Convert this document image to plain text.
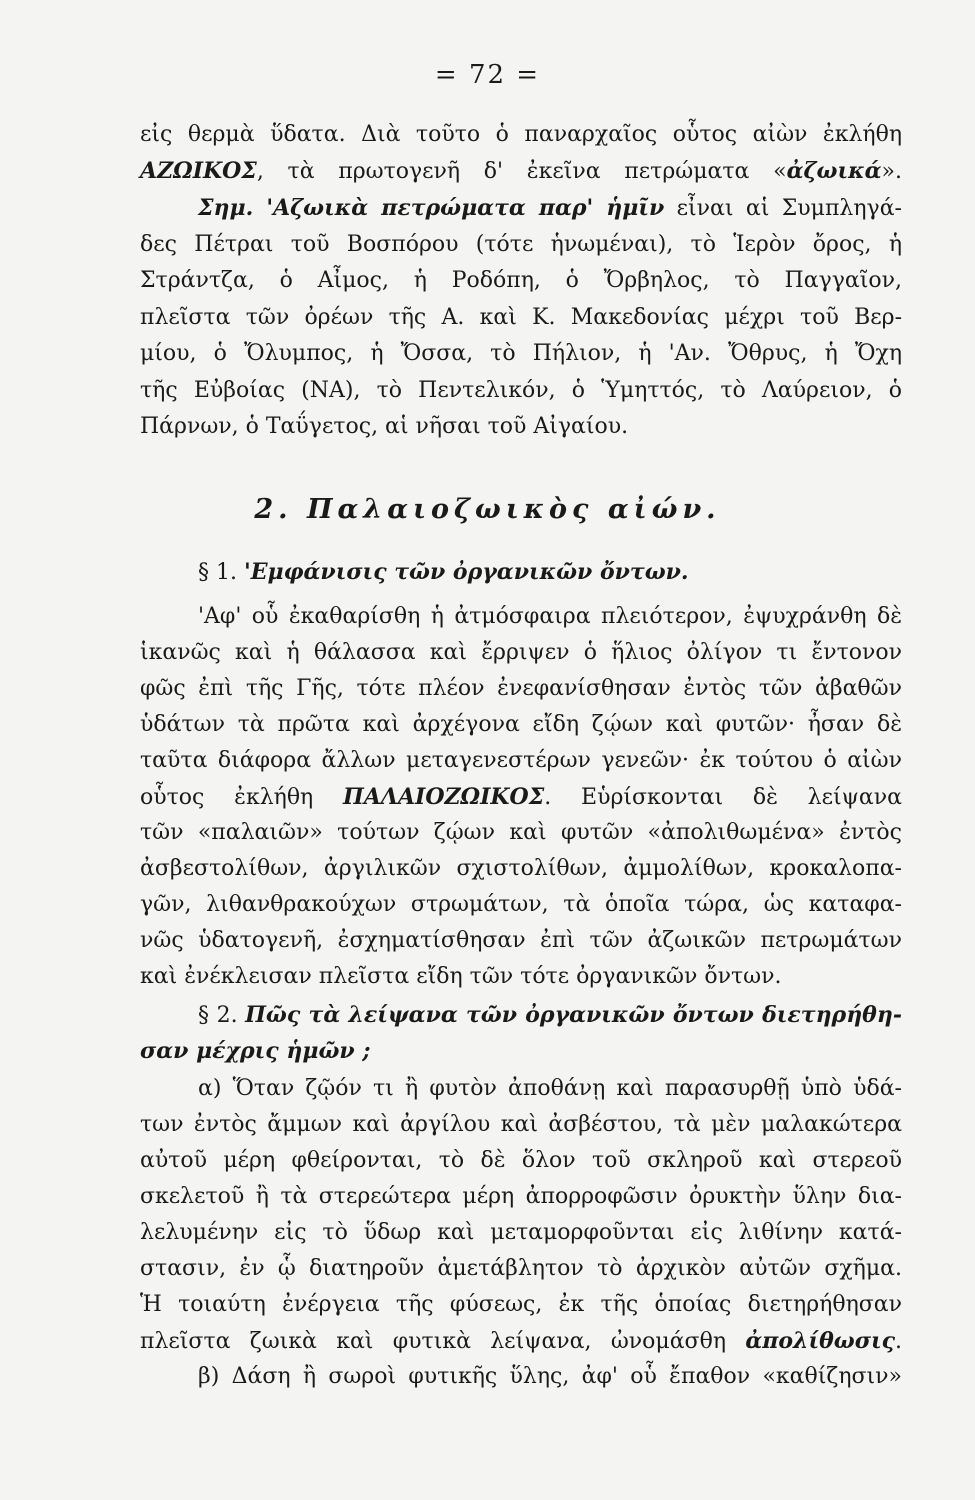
= 72 =
εἰς θερμὰ ὕδατα. Διὰ τοῦτο ὁ παναρχαῖος οὗτος αἰὼν ἐκλήθη
ΑΖΩΙΚΟΣ, τὰ πρωτογενῆ δ' ἐκεῖνα πετρώματα «ἀζωικά».
Σημ. 'Αζωικὰ πετρώματα παρ' ἡμῖν εἶναι αἱ Συμπληγά-
δες Πέτραι τοῦ Βοσπόρου (τότε ἡνωμέναι), τὸ Ἱερὸν ὄρος, ἡ
Στράντζα, ὁ Αἶμος, ἡ Ροδόπη, ὁ Ὄρβηλος, τὸ Παγγαῖον,
πλεῖστα τῶν ὀρέων τῆς Α. καὶ Κ. Μακεδονίας μέχρι τοῦ Βερ-
μίου, ὁ Ὄλυμπος, ἡ Ὄσσα, τὸ Πήλιον, ἡ 'Αν. Ὄθρυς, ἡ Ὄχη
τῆς Εὐβοίας (ΝΑ), τὸ Πεντελικόν, ὁ Ὑμηττός, τὸ Λαύρειον, ὁ
Πάρνων, ὁ Ταΰγετος, αἱ νῆσαι τοῦ Αἰγαίου.
2. Παλαιοζωικὸς αἰών.
§ 1. 'Εμφάνισις τῶν ὀργανικῶν ὄντων.
'Αφ' οὗ ἐκαθαρίσθη ἡ ἀτμόσφαιρα πλειότερον, ἐψυχράνθη δὲ
ἱκανῶς καὶ ἡ θάλασσα καὶ ἔρριψεν ὁ ἥλιος ὀλίγον τι ἔντονον
φῶς ἐπὶ τῆς Γῆς, τότε πλέον ἐνεφανίσθησαν ἐντὸς τῶν ἀβαθῶν
ὑδάτων τὰ πρῶτα καὶ ἀρχέγονα εἴδη ζῴων καὶ φυτῶν· ἦσαν δὲ
ταῦτα διάφορα ἄλλων μεταγενεστέρων γενεῶν· ἐκ τούτου ὁ αἰὼν
οὗτος ἐκλήθη ΠΑΛΑΙΟΖΩΙΚΟΣ. Εὑρίσκονται δὲ λείψανα
τῶν «παλαιῶν» τούτων ζῴων καὶ φυτῶν «ἀπολιθωμένα» ἐντὸς
ἀσβεστολίθων, ἀργιλικῶν σχιστολίθων, ἀμμολίθων, κροκαλοπα-
γῶν, λιθανθρακούχων στρωμάτων, τὰ ὁποῖα τώρα, ὡς καταφα-
νῶς ὑδατογενῆ, ἐσχηματίσθησαν ἐπὶ τῶν ἀζωικῶν πετρωμάτων
καὶ ἐνέκλεισαν πλεῖστα εἴδη τῶν τότε ὀργανικῶν ὄντων.
§ 2. Πῶς τὰ λείψανα τῶν ὀργανικῶν ὄντων διετηρήθη-
σαν μέχρις ἡμῶν ;
α) Ὅταν ζῷόν τι ἢ φυτὸν ἀποθάνῃ καὶ παρασυρθῇ ὑπὸ ὑδά-
των ἐντὸς ἄμμων καὶ ἀργίλου καὶ ἀσβέστου, τὰ μὲν μαλακώτερα
αὐτοῦ μέρη φθείρονται, τὸ δὲ ὅλον τοῦ σκληροῦ καὶ στερεοῦ
σκελετοῦ ἢ τὰ στερεώτερα μέρη ἀπορροφῶσιν ὀρυκτὴν ὕλην δια-
λελυμένην εἰς τὸ ὕδωρ καὶ μεταμορφοῦνται εἰς λιθίνην κατά-
στασιν, ἐν ᾧ διατηροῦν ἀμετάβλητον τὸ ἀρχικὸν αὐτῶν σχῆμα.
Ἡ τοιαύτη ἐνέργεια τῆς φύσεως, ἐκ τῆς ὁποίας διετηρήθησαν
πλεῖστα ζωικὰ καὶ φυτικὰ λείψανα, ὠνομάσθη ἀπολίθωσις.
β) Δάση ἢ σωροὶ φυτικῆς ὕλης, ἀφ' οὗ ἔπαθον «καθίζησιν»
